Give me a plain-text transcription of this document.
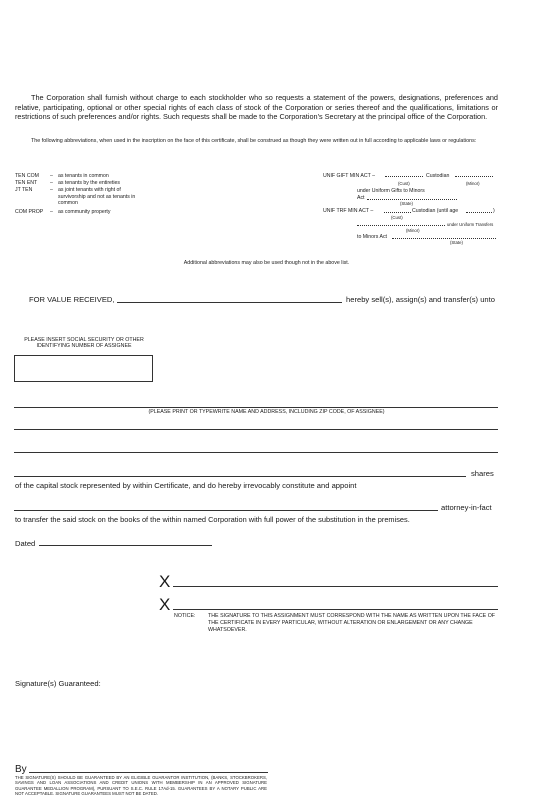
The Corporation shall furnish without charge to each stockholder who so requests a statement of the powers, designations, preferences and relative, participating, optional or other special rights of each class of stock of the Corporation or series thereof and the qualifications, limitations or restrictions of such preferences and/or rights. Such requests shall be made to the Corporation's Secretary at the principal office of the Corporation.
The following abbreviations, when used in the inscription on the face of this certificate, shall be construed as though they were written out in full according to applicable laws or regulations:
TEN COM	– as tenants in common
TEN ENT	– as tenants by the entireties
JT TEN	– as joint tenants with right of survivorship and not as tenants in common
COM PROP	– as community property
UNIF GIFT MIN ACT –	Custodian
(Cust)	(Minor)
under Uniform Gifts to Minors
Act
(State)
UNIF TRF MIN ACT –	Custodian (until age	)
(Cust)
under Uniform Transfers
(Minor)
to Minors Act
(State)
Additional abbreviations may also be used though not in the above list.
FOR VALUE RECEIVED,	hereby sell(s), assign(s) and transfer(s) unto
PLEASE INSERT SOCIAL SECURITY OR OTHER IDENTIFYING NUMBER OF ASSIGNEE
(PLEASE PRINT OR TYPEWRITE NAME AND ADDRESS, INCLUDING ZIP CODE, OF ASSIGNEE)
shares
of the capital stock represented by within Certificate, and do hereby irrevocably constitute and appoint
attorney-in-fact
to transfer the said stock on the books of the within named Corporation with full power of the substitution in the premises.
Dated
X
X
NOTICE: THE SIGNATURE TO THIS ASSIGNMENT MUST CORRESPOND WITH THE NAME AS WRITTEN UPON THE FACE OF THE CERTIFICATE IN EVERY PARTICULAR, WITHOUT ALTERATION OR ENLARGEMENT OR ANY CHANGE WHATSOEVER.
Signature(s) Guaranteed:
By
THE SIGNATURE(S) SHOULD BE GUARANTEED BY AN ELIGIBLE GUARANTOR INSTITUTION, (BANKS, STOCKBROKERS, SAVINGS AND LOAN ASSOCIATIONS AND CREDIT UNIONS WITH MEMBERSHIP IN AN APPROVED SIGNATURE GUARANTEE MEDALLION PROGRAM), PURSUANT TO S.E.C. RULE 17Ad-15. GUARANTEES BY A NOTARY PUBLIC ARE NOT ACCEPTABLE. SIGNATURE GUARANTEES MUST NOT BE DATED.
